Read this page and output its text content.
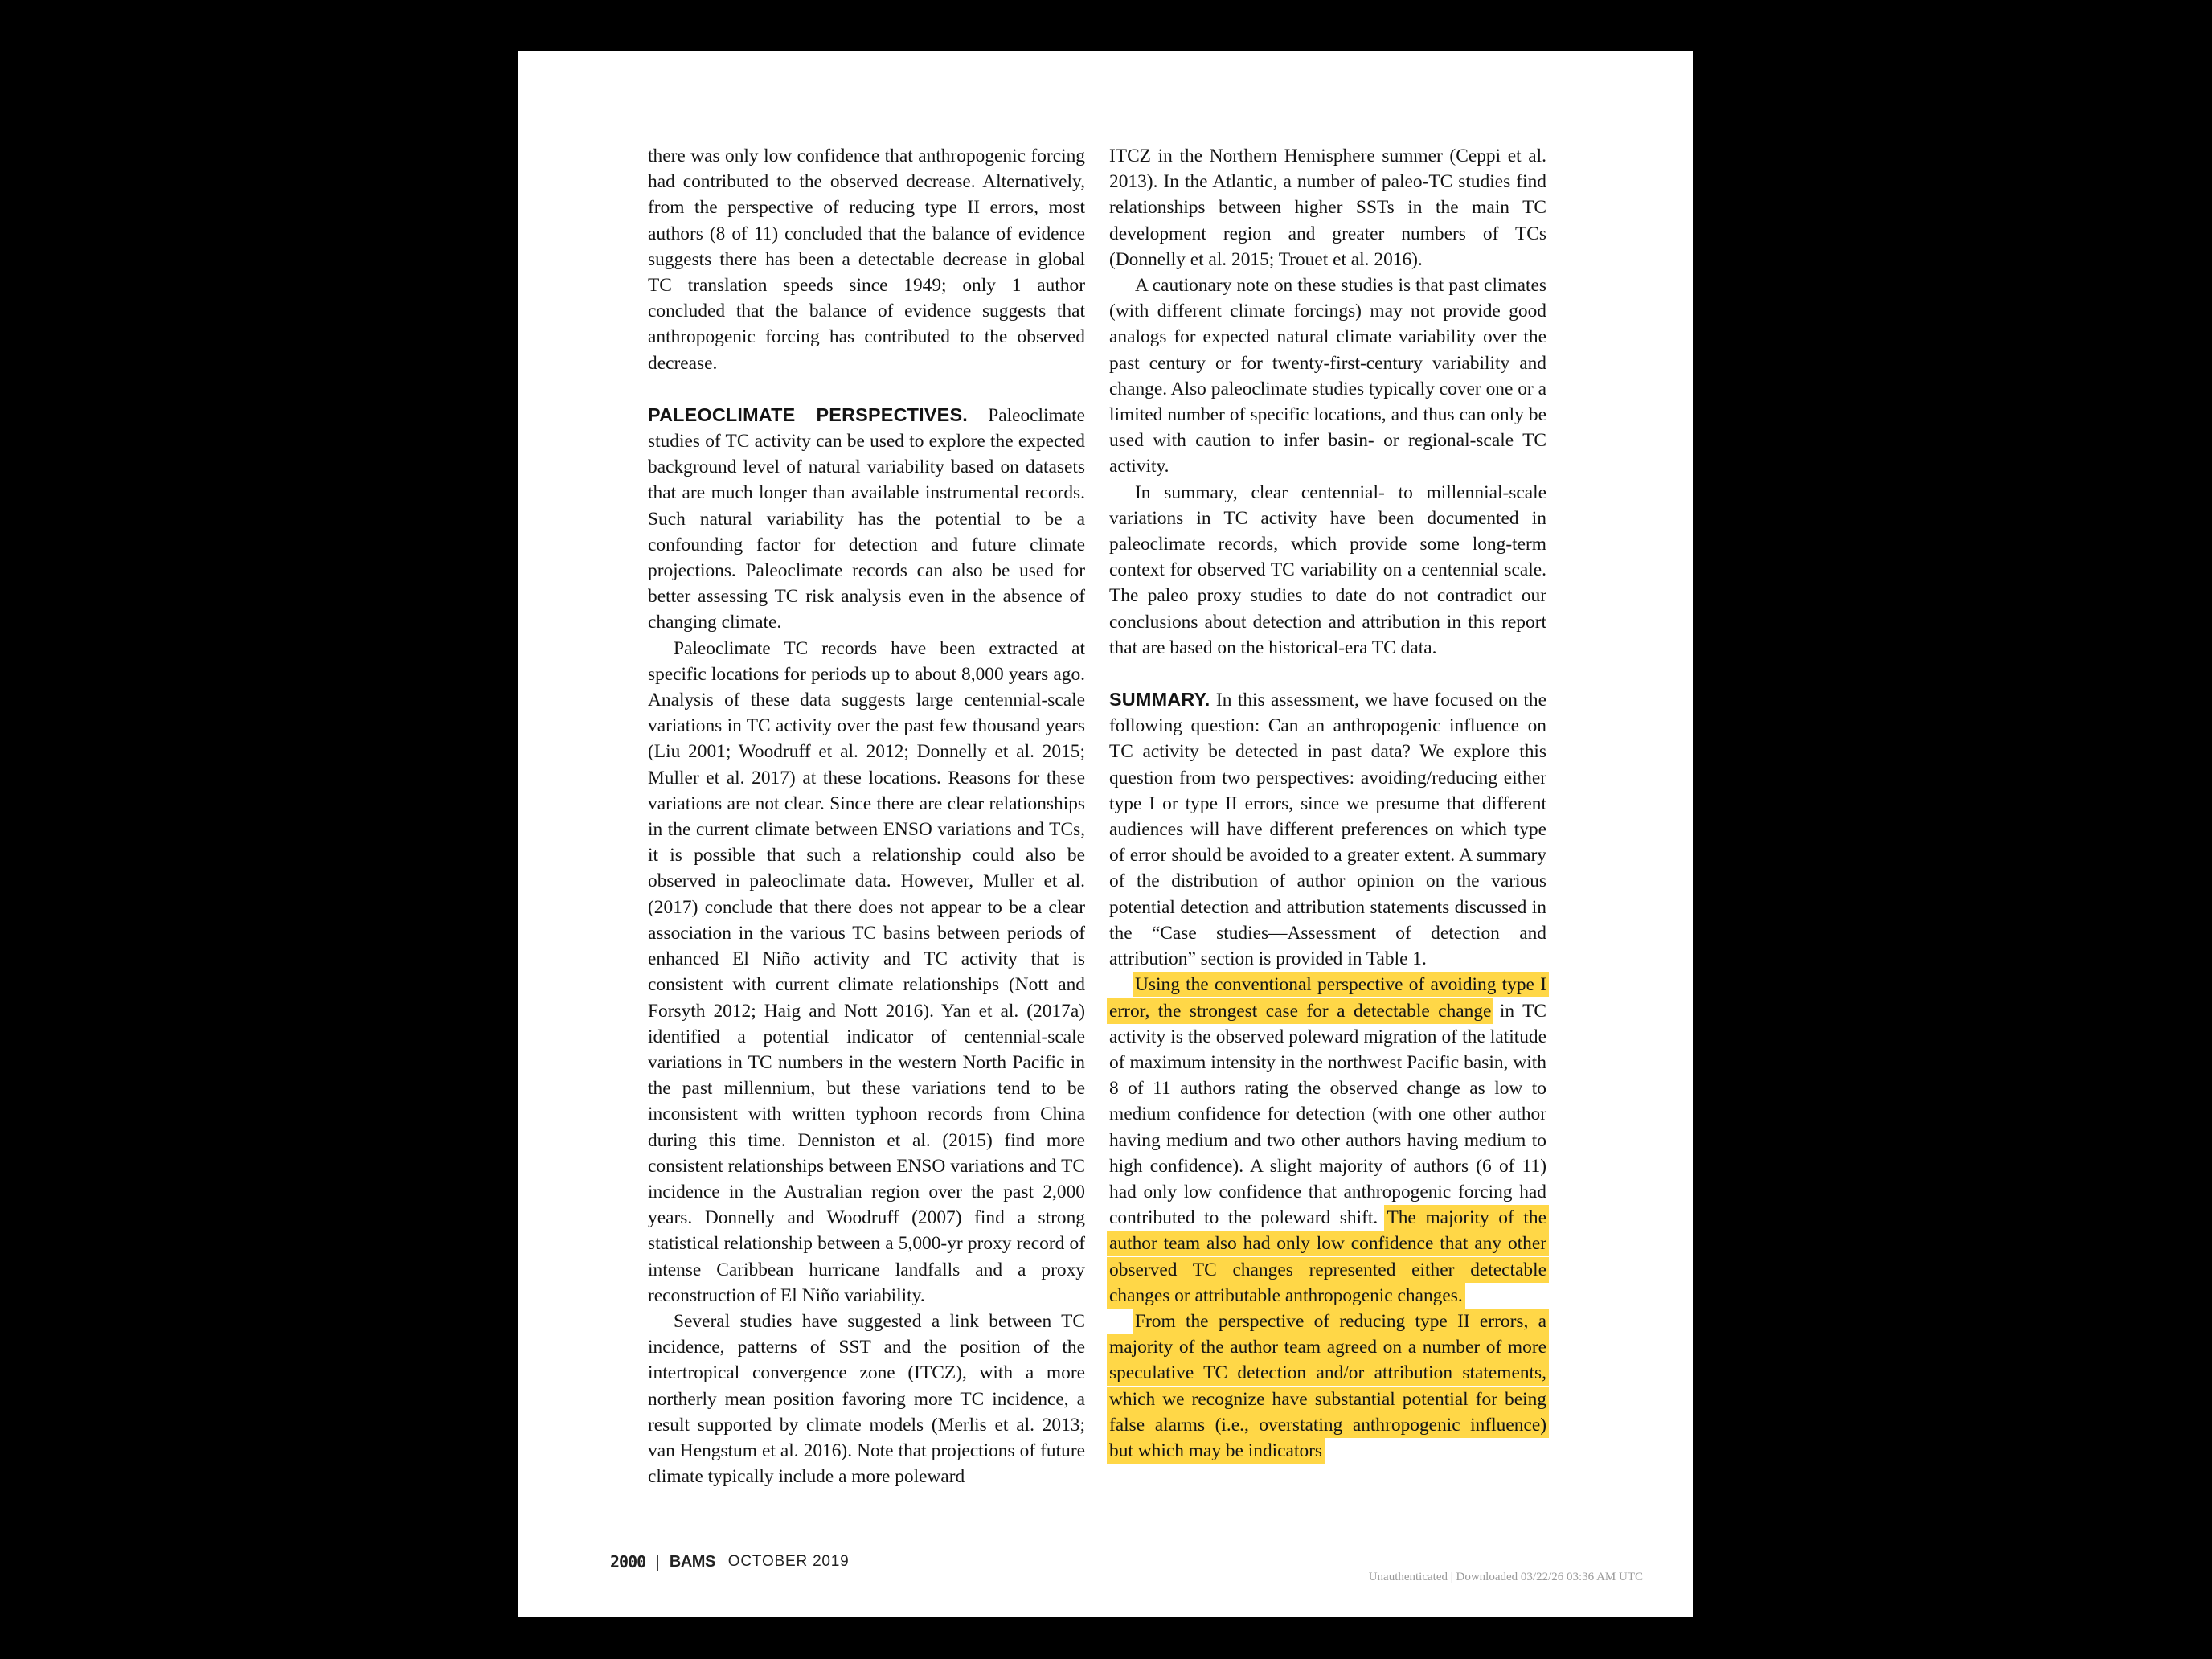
there was only low confidence that anthropogenic forcing had contributed to the observed decrease. Alternatively, from the perspective of reducing type II errors, most authors (8 of 11) concluded that the balance of evidence suggests there has been a detectable decrease in global TC translation speeds since 1949; only 1 author concluded that the balance of evidence suggests that anthropogenic forcing has contributed to the observed decrease.

PALEOCLIMATE PERSPECTIVES. Paleoclimate studies of TC activity can be used to explore the expected background level of natural variability based on datasets that are much longer than available instrumental records. Such natural variability has the potential to be a confounding factor for detection and future climate projections. Paleoclimate records can also be used for better assessing TC risk analysis even in the absence of changing climate.

Paleoclimate TC records have been extracted at specific locations for periods up to about 8,000 years ago. Analysis of these data suggests large centennial-scale variations in TC activity over the past few thousand years (Liu 2001; Woodruff et al. 2012; Donnelly et al. 2015; Muller et al. 2017) at these locations. Reasons for these variations are not clear. Since there are clear relationships in the current climate between ENSO variations and TCs, it is possible that such a relationship could also be observed in paleoclimate data. However, Muller et al. (2017) conclude that there does not appear to be a clear association in the various TC basins between periods of enhanced El Niño activity and TC activity that is consistent with current climate relationships (Nott and Forsyth 2012; Haig and Nott 2016). Yan et al. (2017a) identified a potential indicator of centennial-scale variations in TC numbers in the western North Pacific in the past millennium, but these variations tend to be inconsistent with written typhoon records from China during this time. Denniston et al. (2015) find more consistent relationships between ENSO variations and TC incidence in the Australian region over the past 2,000 years. Donnelly and Woodruff (2007) find a strong statistical relationship between a 5,000-yr proxy record of intense Caribbean hurricane landfalls and a proxy reconstruction of El Niño variability.

Several studies have suggested a link between TC incidence, patterns of SST and the position of the intertropical convergence zone (ITCZ), with a more northerly mean position favoring more TC incidence, a result supported by climate models (Merlis et al. 2013; van Hengstum et al. 2016). Note that projections of future climate typically include a more poleward

ITCZ in the Northern Hemisphere summer (Ceppi et al. 2013). In the Atlantic, a number of paleo-TC studies find relationships between higher SSTs in the main TC development region and greater numbers of TCs (Donnelly et al. 2015; Trouet et al. 2016).

A cautionary note on these studies is that past climates (with different climate forcings) may not provide good analogs for expected natural climate variability over the past century or for twenty-first-century variability and change. Also paleoclimate studies typically cover one or a limited number of specific locations, and thus can only be used with caution to infer basin- or regional-scale TC activity.

In summary, clear centennial- to millennial-scale variations in TC activity have been documented in paleoclimate records, which provide some long-term context for observed TC variability on a centennial scale. The paleo proxy studies to date do not contradict our conclusions about detection and attribution in this report that are based on the historical-era TC data.

SUMMARY. In this assessment, we have focused on the following question: Can an anthropogenic influence on TC activity be detected in past data? We explore this question from two perspectives: avoiding/reducing either type I or type II errors, since we presume that different audiences will have different preferences on which type of error should be avoided to a greater extent. A summary of the distribution of author opinion on the various potential detection and attribution statements discussed in the “Case studies—Assessment of detection and attribution” section is provided in Table 1.

Using the conventional perspective of avoiding type I error, the strongest case for a detectable change in TC activity is the observed poleward migration of the latitude of maximum intensity in the northwest Pacific basin, with 8 of 11 authors rating the observed change as low to medium confidence for detection (with one other author having medium and two other authors having medium to high confidence). A slight majority of authors (6 of 11) had only low confidence that anthropogenic forcing had contributed to the poleward shift. The majority of the author team also had only low confidence that any other observed TC changes represented either detectable changes or attributable anthropogenic changes.

From the perspective of reducing type II errors, a majority of the author team agreed on a number of more speculative TC detection and/or attribution statements, which we recognize have substantial potential for being false alarms (i.e., overstating anthropogenic influence) but which may be indicators

2000 | BAMS OCTOBER 2019
Unauthenticated | Downloaded 03/22/26 03:36 AM UTC
